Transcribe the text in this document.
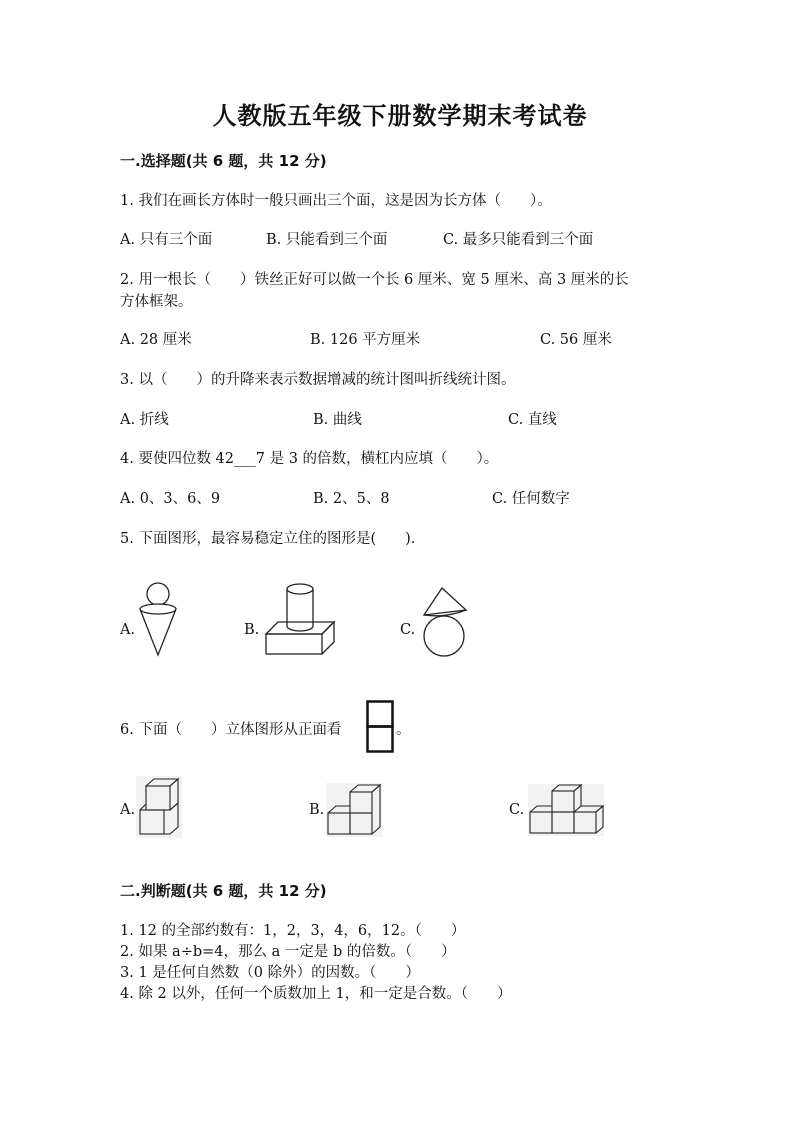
人教版五年级下册数学期末考试卷
一.选择题(共 6 题，共 12 分)
1. 我们在画长方体时一般只画出三个面，这是因为长方体（　　）。
A. 只有三个面	B. 只能看到三个面	C. 最多只能看到三个面
2. 用一根长（　　）铁丝正好可以做一个长 6 厘米、宽 5 厘米、高 3 厘米的长
方体框架。
A. 28 厘米	B. 126 平方厘米	C. 56 厘米
3. 以（　　）的升降来表示数据增减的统计图叫折线统计图。
A. 折线	B. 曲线	C. 直线
4. 要使四位数 42___7 是 3 的倍数，横杠内应填（　　）。
A. 0、3、6、9	B. 2、5、8	C. 任何数字
5. 下面图形，最容易稳定立住的图形是(　　).
A.	B.	C.
6. 下面（　　）立体图形从正面看	。
A.	B.	C.
二.判断题(共 6 题，共 12 分)
1. 12 的全部约数有：1，2，3，4，6，12。（　　）
2. 如果 a÷b=4，那么 a 一定是 b 的倍数。（　　）
3. 1 是任何自然数（0 除外）的因数。（　　）
4. 除 2 以外，任何一个质数加上 1，和一定是合数。（　　）
